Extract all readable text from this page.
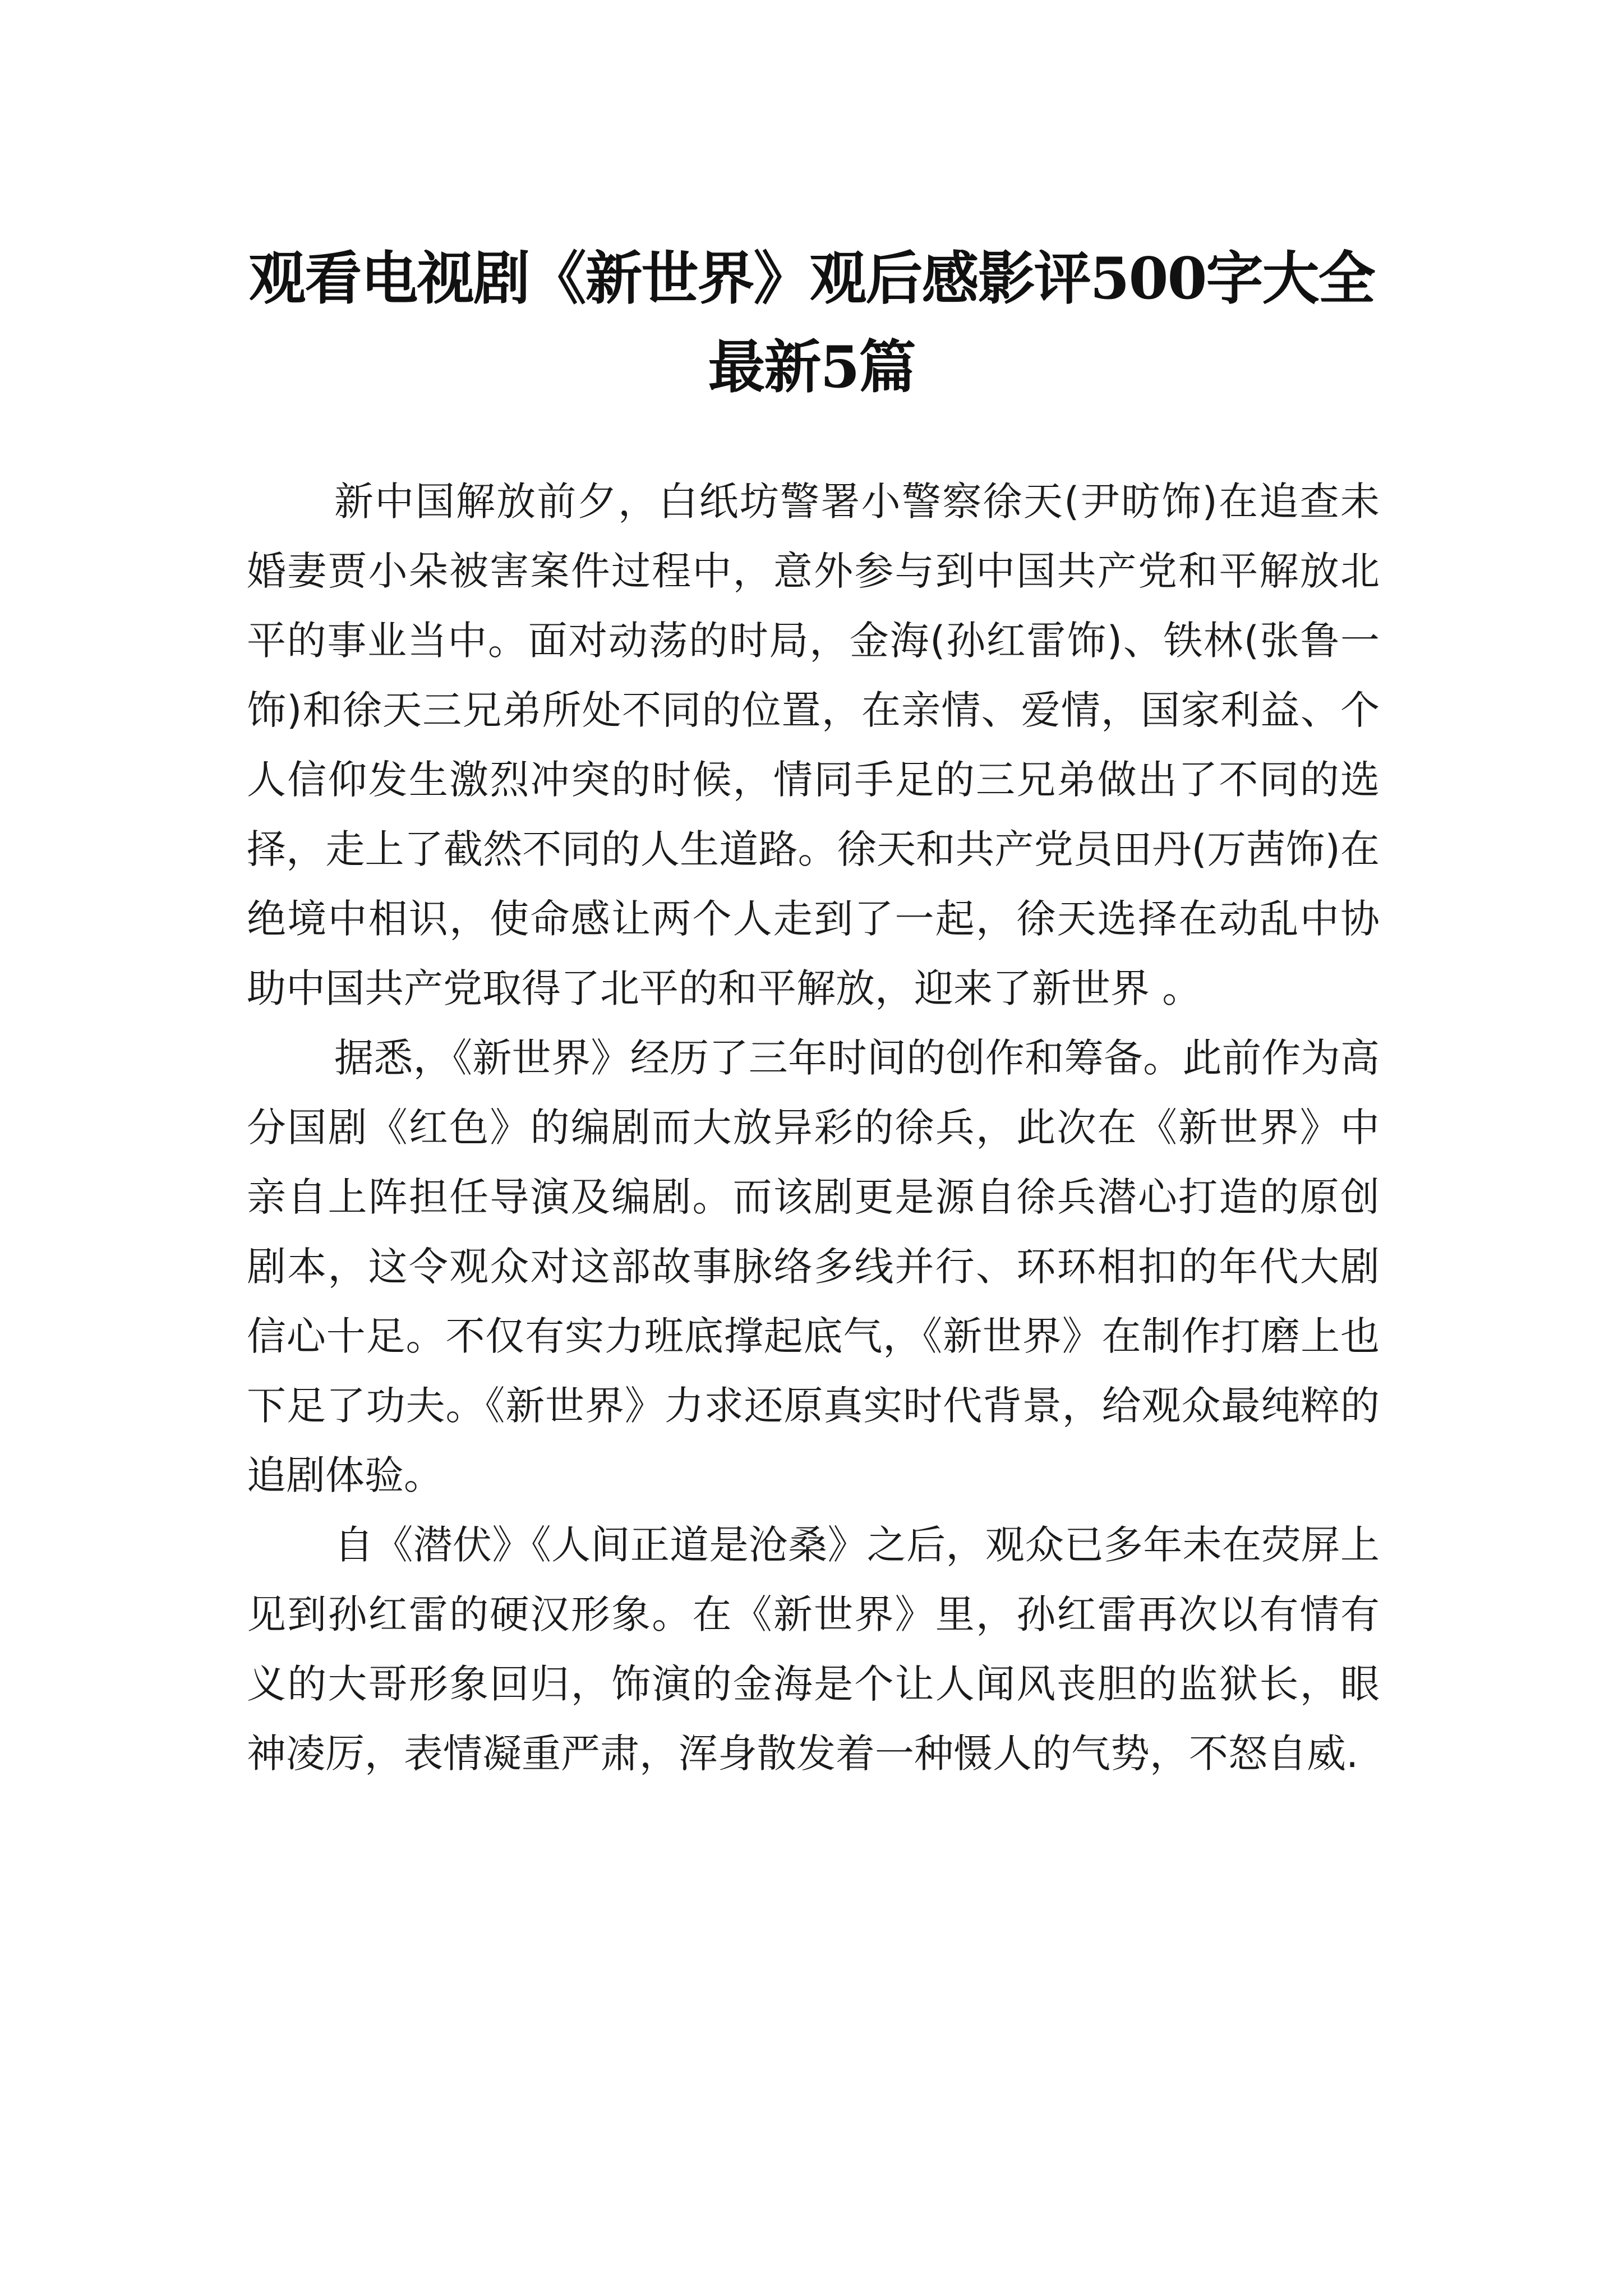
观看电视剧《新世界》观后感影评500字大全最新5篇

新中国解放前夕，白纸坊警署小警察徐天(尹昉饰)在追查未婚妻贾小朵被害案件过程中，意外参与到中国共产党和平解放北平的事业当中。面对动荡的时局，金海(孙红雷饰)、铁林(张鲁一饰)和徐天三兄弟所处不同的位置，在亲情、爱情，国家利益、个人信仰发生激烈冲突的时候，情同手足的三兄弟做出了不同的选择，走上了截然不同的人生道路。徐天和共产党员田丹(万茜饰)在绝境中相识，使命感让两个人走到了一起，徐天选择在动乱中协助中国共产党取得了北平的和平解放，迎来了新世界 。

据悉，《新世界》经历了三年时间的创作和筹备。此前作为高分国剧《红色》的编剧而大放异彩的徐兵，此次在《新世界》中亲自上阵担任导演及编剧。而该剧更是源自徐兵潜心打造的原创剧本，这令观众对这部故事脉络多线并行、环环相扣的年代大剧信心十足。不仅有实力班底撑起底气，《新世界》在制作打磨上也下足了功夫。《新世界》力求还原真实时代背景，给观众最纯粹的追剧体验。

自《潜伏》《人间正道是沧桑》之后，观众已多年未在荧屏上见到孙红雷的硬汉形象。在《新世界》里，孙红雷再次以有情有义的大哥形象回归，饰演的金海是个让人闻风丧胆的监狱长，眼神凌厉，表情凝重严肃，浑身散发着一种慑人的气势，不怒自威.
